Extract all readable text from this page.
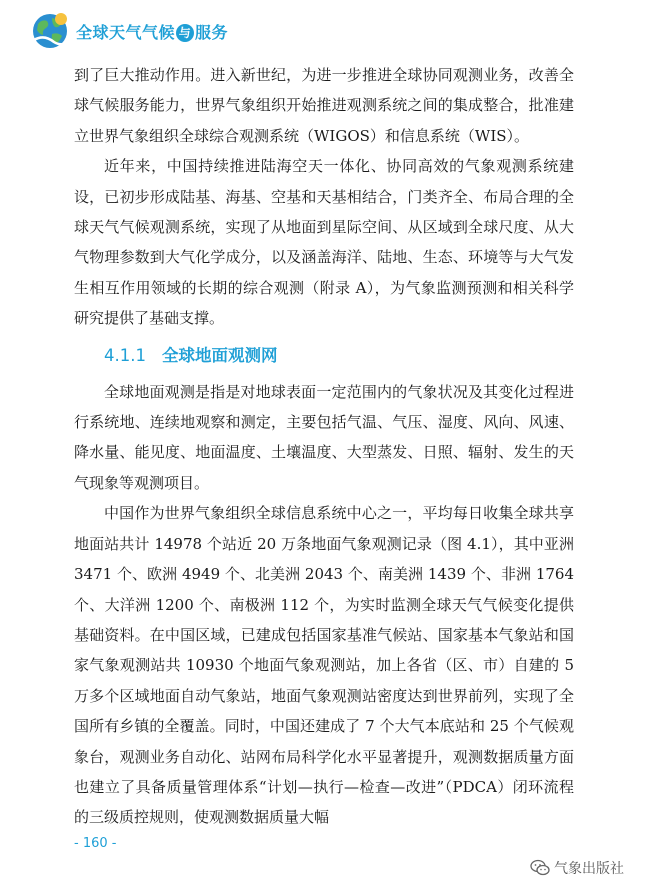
全球天气气候 与 服务

到了巨大推动作用。进入新世纪，为进一步推进全球协同观测业务，改善全球气候服务能力，世界气象组织开始推进观测系统之间的集成整合，批准建立世界气象组织全球综合观测系统（WIGOS）和信息系统（WIS）。

近年来，中国持续推进陆海空天一体化、协同高效的气象观测系统建设，已初步形成陆基、海基、空基和天基相结合，门类齐全、布局合理的全球天气气候观测系统，实现了从地面到星际空间、从区域到全球尺度、从大气物理参数到大气化学成分，以及涵盖海洋、陆地、生态、环境等与大气发生相互作用领域的长期的综合观测（附录 A），为气象监测预测和相关科学研究提供了基础支撑。

4.1.1 全球地面观测网

全球地面观测是指是对地球表面一定范围内的气象状况及其变化过程进行系统地、连续地观察和测定，主要包括气温、气压、湿度、风向、风速、降水量、能见度、地面温度、土壤温度、大型蒸发、日照、辐射、发生的天气现象等观测项目。

中国作为世界气象组织全球信息系统中心之一，平均每日收集全球共享地面站共计 14978 个站近 20 万条地面气象观测记录（图 4.1），其中亚洲 3471 个、欧洲 4949 个、北美洲 2043 个、南美洲 1439 个、非洲 1764 个、大洋洲 1200 个、南极洲 112 个，为实时监测全球天气气候变化提供基础资料。在中国区域，已建成包括国家基准气候站、国家基本气象站和国家气象观测站共 10930 个地面气象观测站，加上各省（区、市）自建的 5 万多个区域地面自动气象站，地面气象观测站密度达到世界前列，实现了全国所有乡镇的全覆盖。同时，中国还建成了 7 个大气本底站和 25 个气候观象台，观测业务自动化、站网布局科学化水平显著提升，观测数据质量方面也建立了具备质量管理体系“计划—执行—检查—改进”（PDCA）闭环流程的三级质控规则，使观测数据质量大幅

- 160 -
气象出版社
